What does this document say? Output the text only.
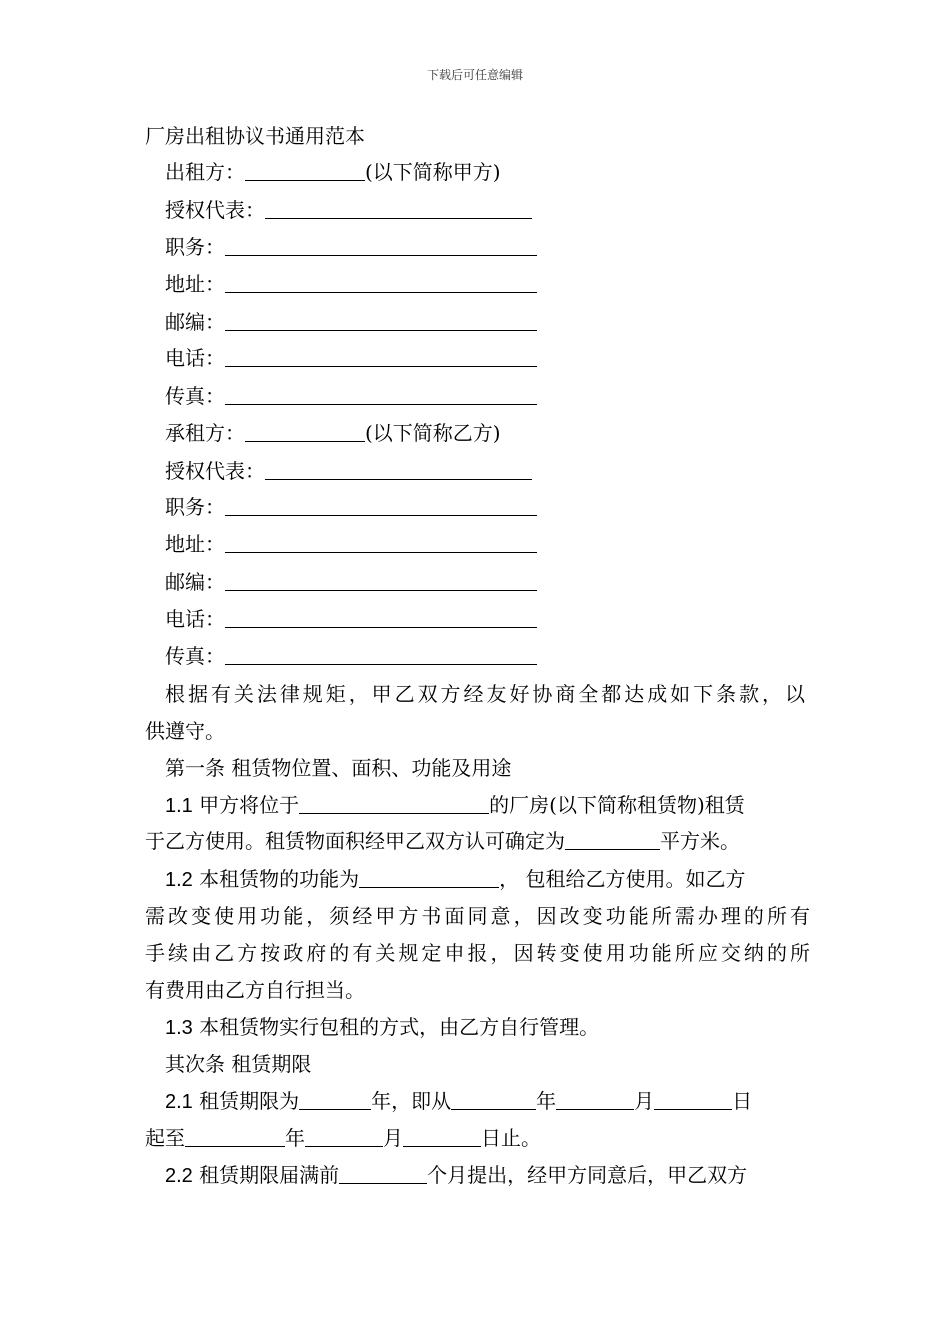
下载后可任意编辑
厂房出租协议书通用范本
出租方：	(以下简称甲方)
授权代表：
职务：
地址：
邮编：
电话：
传真：
承租方：	(以下简称乙方)
授权代表：
职务：
地址：
邮编：
电话：
传真：
根据有关法律规矩，甲乙双方经友好协商全都达成如下条款，以
供遵守。
第一条 租赁物位置、面积、功能及用途
1.1 甲方将位于	的厂房(以下简称租赁物)租赁
于乙方使用。租赁物面积经甲乙双方认可确定为	平方米。
1.2 本租赁物的功能为	， 包租给乙方使用。如乙方
需改变使用功能，须经甲方书面同意，因改变功能所需办理的所有
手续由乙方按政府的有关规定申报，因转变使用功能所应交纳的所
有费用由乙方自行担当。
1.3 本租赁物实行包租的方式，由乙方自行管理。
其次条 租赁期限
2.1 租赁期限为	年，即从	年	月	日
起至	年	月	日止。
2.2 租赁期限届满前	个月提出，经甲方同意后，甲乙双方
